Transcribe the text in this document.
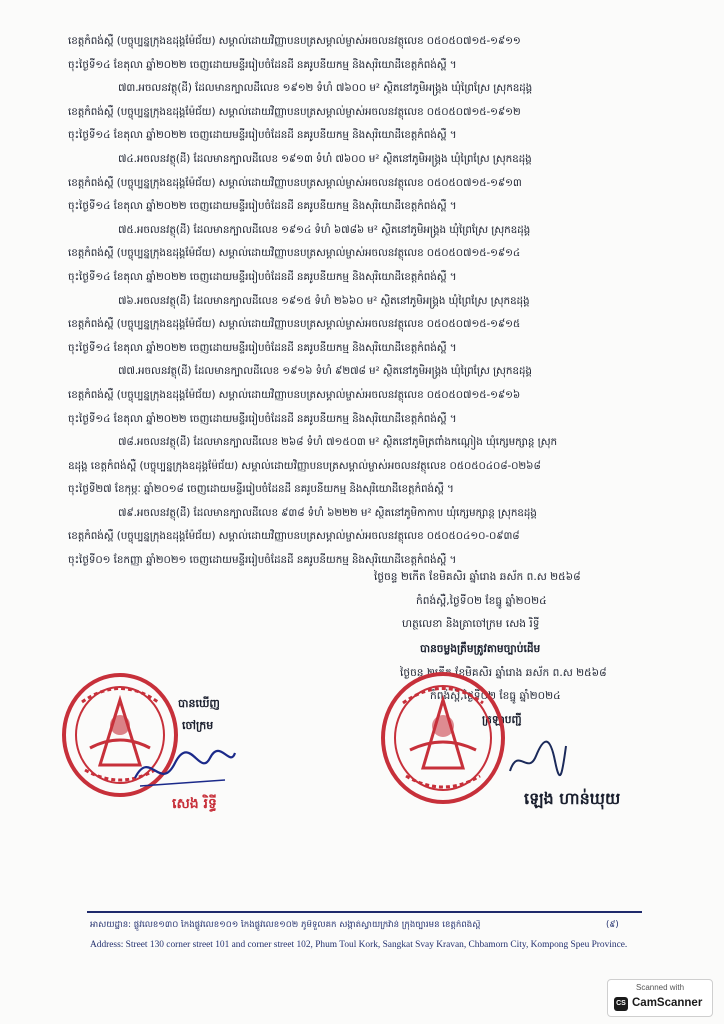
ខេត្តកំពង់ស្ពឺ (បច្ចុប្បន្នក្រុងឧដុង្គម៉ែជ័យ) សម្គាល់ដោយវិញ្ញាបនបត្រសម្គាល់ម្ចាស់អចលនវត្ថុលេខ ០៥០៥០៧១៥-១៩១១
ចុះថ្ងៃទី១៤ ខែតុលា ឆ្នាំ២០២២ ចេញដោយមន្ទីររៀបចំដែនដី នគរូបនីយកម្ម និងសុរិយោដីខេត្តកំពង់ស្ពឺ ។
៧៣.អចលនវត្ថុ(ដី) ដែលមានក្បាលដីលេខ ១៩១២ ទំហំ ៧៦០០ ម² ស្ថិតនៅភូមិអង្គ្រង ឃុំព្រៃស្រែ ស្រុកឧដុង្គ
ខេត្តកំពង់ស្ពឺ (បច្ចុប្បន្នក្រុងឧដុង្គម៉ែជ័យ) សម្គាល់ដោយវិញ្ញាបនបត្រសម្គាល់ម្ចាស់អចលនវត្ថុលេខ ០៥០៥០៧១៥-១៩១២
ចុះថ្ងៃទី១៤ ខែតុលា ឆ្នាំ២០២២ ចេញដោយមន្ទីររៀបចំដែនដី នគរូបនីយកម្ម និងសុរិយោដីខេត្តកំពង់ស្ពឺ ។
៧៤.អចលនវត្ថុ(ដី) ដែលមានក្បាលដីលេខ ១៩១៣ ទំហំ ៧៦០០ ម² ស្ថិតនៅភូមិអង្គ្រង ឃុំព្រៃស្រែ ស្រុកឧដុង្គ
ខេត្តកំពង់ស្ពឺ (បច្ចុប្បន្នក្រុងឧដុង្គម៉ែជ័យ) សម្គាល់ដោយវិញ្ញាបនបត្រសម្គាល់ម្ចាស់អចលនវត្ថុលេខ ០៥០៥០៧១៥-១៩១៣
ចុះថ្ងៃទី១៤ ខែតុលា ឆ្នាំ២០២២ ចេញដោយមន្ទីររៀបចំដែនដី នគរូបនីយកម្ម និងសុរិយោដីខេត្តកំពង់ស្ពឺ ។
៧៥.អចលនវត្ថុ(ដី) ដែលមានក្បាលដីលេខ ១៩១៤ ទំហំ ៦៧៨៦ ម² ស្ថិតនៅភូមិអង្គ្រង ឃុំព្រៃស្រែ ស្រុកឧដុង្គ
ខេត្តកំពង់ស្ពឺ (បច្ចុប្បន្នក្រុងឧដុង្គម៉ែជ័យ) សម្គាល់ដោយវិញ្ញាបនបត្រសម្គាល់ម្ចាស់អចលនវត្ថុលេខ ០៥០៥០៧១៥-១៩១៤
ចុះថ្ងៃទី១៤ ខែតុលា ឆ្នាំ២០២២ ចេញដោយមន្ទីររៀបចំដែនដី នគរូបនីយកម្ម និងសុរិយោដីខេត្តកំពង់ស្ពឺ ។
៧៦.អចលនវត្ថុ(ដី) ដែលមានក្បាលដីលេខ ១៩១៥ ទំហំ ២៦៦០ ម² ស្ថិតនៅភូមិអង្គ្រង ឃុំព្រៃស្រែ ស្រុកឧដុង្គ
ខេត្តកំពង់ស្ពឺ (បច្ចុប្បន្នក្រុងឧដុង្គម៉ែជ័យ) សម្គាល់ដោយវិញ្ញាបនបត្រសម្គាល់ម្ចាស់អចលនវត្ថុលេខ ០៥០៥០៧១៥-១៩១៥
ចុះថ្ងៃទី១៤ ខែតុលា ឆ្នាំ២០២២ ចេញដោយមន្ទីររៀបចំដែនដី នគរូបនីយកម្ម និងសុរិយោដីខេត្តកំពង់ស្ពឺ ។
៧៧.អចលនវត្ថុ(ដី) ដែលមានក្បាលដីលេខ ១៩១៦ ទំហំ ៩២៧៨ ម² ស្ថិតនៅភូមិអង្គ្រង ឃុំព្រៃស្រែ ស្រុកឧដុង្គ
ខេត្តកំពង់ស្ពឺ (បច្ចុប្បន្នក្រុងឧដុង្គម៉ែជ័យ) សម្គាល់ដោយវិញ្ញាបនបត្រសម្គាល់ម្ចាស់អចលនវត្ថុលេខ ០៥០៥០៧១៥-១៩១៦
ចុះថ្ងៃទី១៤ ខែតុលា ឆ្នាំ២០២២ ចេញដោយមន្ទីររៀបចំដែនដី នគរូបនីយកម្ម និងសុរិយោដីខេត្តកំពង់ស្ពឺ ។
៧៨.អចលនវត្ថុ(ដី) ដែលមានក្បាលដីលេខ ២៦៨ ទំហំ ៧១៥០៣ ម² ស្ថិតនៅភូមិត្រពាំងកណ្ដៀង ឃុំក្សេមក្សាន្ត ស្រុក
ឧដុង្គ ខេត្តកំពង់ស្ពឺ (បច្ចុប្បន្នក្រុងឧដុង្គម៉ែជ័យ) សម្គាល់ដោយវិញ្ញាបនបត្រសម្គាល់ម្ចាស់អចលនវត្ថុលេខ ០៥០៥០៤០៨-០២៦៨
ចុះថ្ងៃទី២៧ ខែកុម្ភៈ ឆ្នាំ២០១៨ ចេញដោយមន្ទីររៀបចំដែនដី នគរូបនីយកម្ម និងសុរិយោដីខេត្តកំពង់ស្ពឺ ។
៧៩.អចលនវត្ថុ(ដី) ដែលមានក្បាលដីលេខ ៩៣៨ ទំហំ ៦២២២ ម² ស្ថិតនៅភូមិកាកាប ឃុំក្សេមក្សាន្ត ស្រុកឧដុង្គ
ខេត្តកំពង់ស្ពឺ (បច្ចុប្បន្នក្រុងឧដុង្គម៉ែជ័យ) សម្គាល់ដោយវិញ្ញាបនបត្រសម្គាល់ម្ចាស់អចលនវត្ថុលេខ ០៥០៥០៤១០-០៩៣៨
ចុះថ្ងៃទី០១ ខែកញ្ញា ឆ្នាំ២០២១ ចេញដោយមន្ទីររៀបចំដែនដី នគរូបនីយកម្ម និងសុរិយោដីខេត្តកំពង់ស្ពឺ ។
ថ្ងៃចន្ទ ២កើត ខែមិគសិរ ឆ្នាំរោង ឆស័ក ព.ស ២៥៦៨
កំពង់ស្ពឺ,ថ្ងៃទី០២ ខែធ្នូ ឆ្នាំ២០២៤
ហត្ថលេខា និងត្រាចៅក្រម សេង រិទ្ធី
បានចម្លងត្រឹមត្រូវតាមច្បាប់ដើម
ថ្ងៃចន្ទ ២កើត ខែមិគសិរ ឆ្នាំរោង ឆស័ក ព.ស ២៥៦៨
កំពង់ស្ពឺ,ថ្ងៃទី០២ ខែធ្នូ ឆ្នាំ២០២៤
ក្រឡាបញ្ជី
បានឃើញ
ចៅក្រម
សេង រិទ្ធី	ឡេង ហាន់ឃុយ
អាសយដ្ឋាន: ផ្លូវលេខ១៣០ កែងផ្លូវលេខ១០១ កែងផ្លូវលេខ១០២ ភូមិទួលគក សង្កាត់ស្វាយក្រវ៉ាន់ ក្រុងច្បារមន ខេត្តកំពង់ស្ពឺ	(៩)
Address: Street 130 corner street 101 and corner street 102, Phum Toul Kork, Sangkat Svay Kravan, Chbamorn City, Kompong Speu Province.
Scanned with
CS CamScanner
